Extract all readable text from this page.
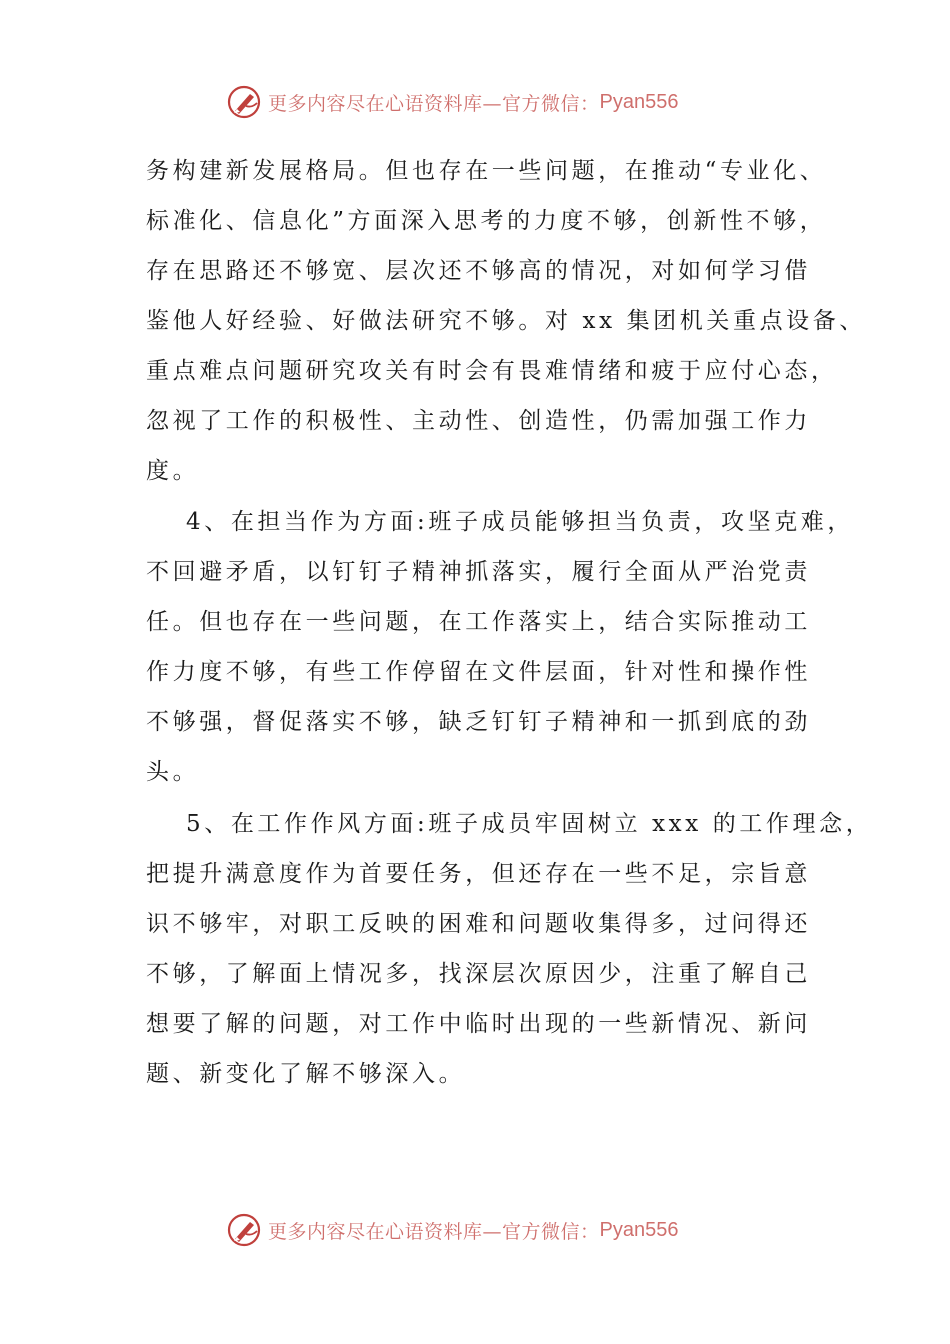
更多内容尽在心语资料库—官方微信： Pyan556
务构建新发展格局。但也存在一些问题，在推动“专业化、
标准化、信息化”方面深入思考的力度不够，创新性不够，
存在思路还不够宽、层次还不够高的情况，对如何学习借
鉴他人好经验、好做法研究不够。对 xx 集团机关重点设备、
重点难点问题研究攻关有时会有畏难情绪和疲于应付心态，
忽视了工作的积极性、主动性、创造性，仍需加强工作力
度。
4、在担当作为方面:班子成员能够担当负责，攻坚克难，
不回避矛盾，以钉钉子精神抓落实，履行全面从严治党责
任。但也存在一些问题，在工作落实上，结合实际推动工
作力度不够，有些工作停留在文件层面，针对性和操作性
不够强，督促落实不够，缺乏钉钉子精神和一抓到底的劲
头。
5、在工作作风方面:班子成员牢固树立 xxx 的工作理念，
把提升满意度作为首要任务，但还存在一些不足，宗旨意
识不够牢，对职工反映的困难和问题收集得多，过问得还
不够，了解面上情况多，找深层次原因少，注重了解自己
想要了解的问题，对工作中临时出现的一些新情况、新问
题、新变化了解不够深入。
更多内容尽在心语资料库—官方微信： Pyan556
